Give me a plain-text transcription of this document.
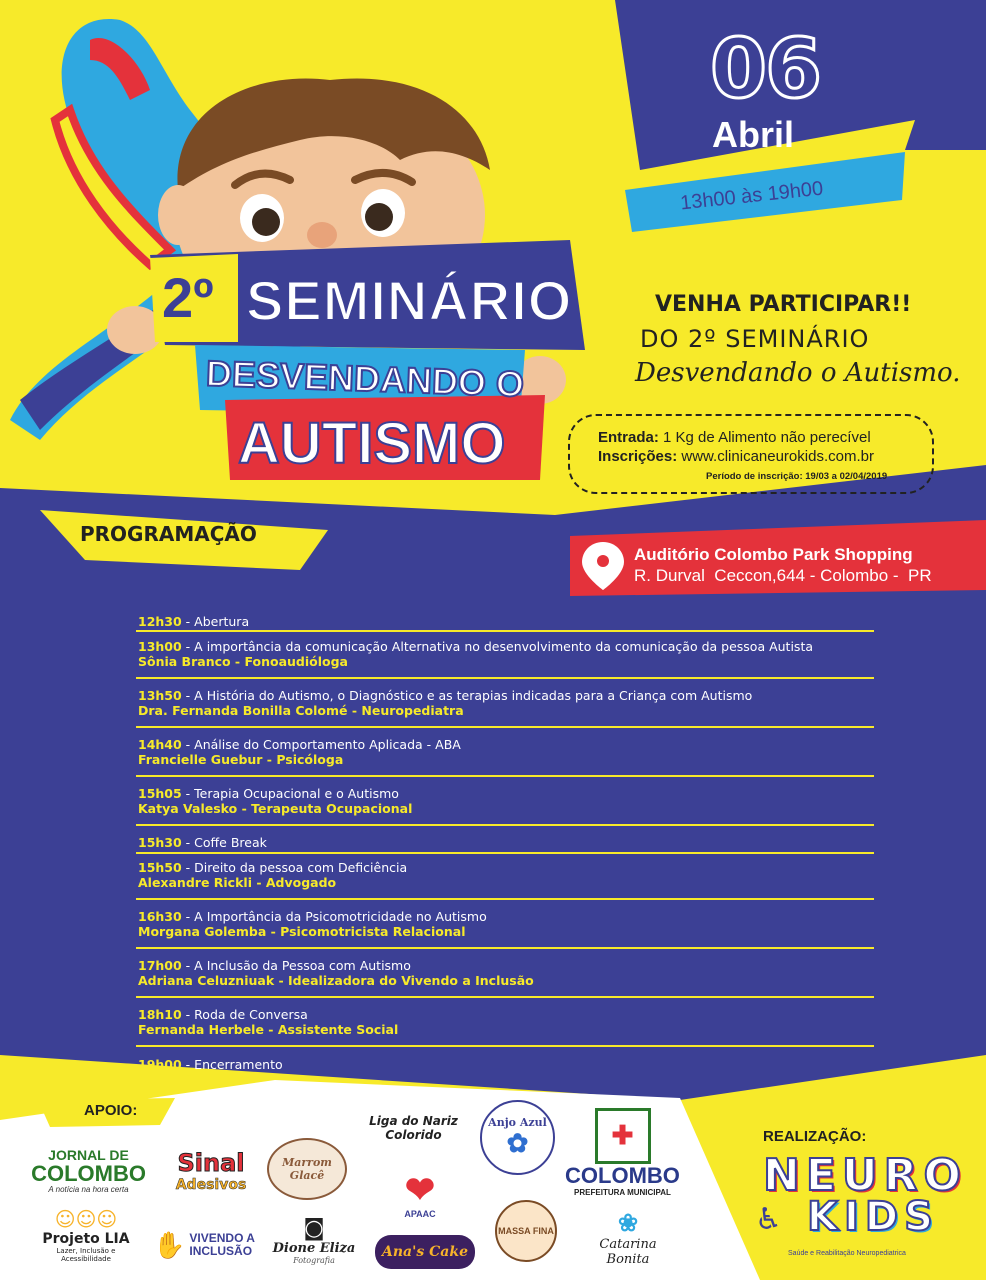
06
Abril
13h00 às 19h00
2º SEMINÁRIO
DESVENDANDO O
AUTISMO
VENHA PARTICIPAR!!
DO 2º SEMINÁRIO
Desvendando o Autismo.
Entrada: 1 Kg de Alimento não perecível
Inscrições: www.clinicaneurokids.com.br
Período de inscrição: 19/03 a 02/04/2019
PROGRAMAÇÃO
Auditório Colombo Park Shopping
R. Durval  Ceccon,644 - Colombo -  PR
12h30 - Abertura
13h00 - A importância da comunicação Alternativa no desenvolvimento da comunicação da pessoa Autista
Sônia Branco - Fonoaudióloga
13h50 - A História do Autismo, o Diagnóstico e as terapias indicadas para a Criança com Autismo
Dra. Fernanda Bonilla Colomé - Neuropediatra
14h40 - Análise do Comportamento Aplicada - ABA
Francielle Guebur - Psicóloga
15h05 - Terapia Ocupacional e o Autismo
Katya Valesko - Terapeuta Ocupacional
15h30 - Coffe Break
15h50 - Direito da pessoa com Deficiência
Alexandre Rickli - Advogado
16h30 - A Importância da Psicomotricidade no Autismo
Morgana Golemba - Psicomotricista Relacional
17h00 - A Inclusão da Pessoa com Autismo
Adriana Celuzniuak - Idealizadora do Vivendo a Inclusão
18h10 - Roda de Conversa
Fernanda Herbele - Assistente Social
19h00 - Encerramento
APOIO:
JORNAL DE
COLOMBO
A notícia na hora certa
Sinal
Adesivos
Marrom Glacê
Liga do Nariz Colorido
Anjo Azul
✿	✚
COLOMBO
PREFEITURA MUNICIPAL
☺☺☺
Projeto LIA
Lazer, Inclusão e Acessibilidade	✋ VIVENDO A
INCLUSÃO
◙
Dione Eliza
Fotografia
❤
APAAC
Ana's Cake
MASSA FINA	❀
Catarina Bonita
REALIZAÇÃO:
NEURO
KIDS
♿
Saúde e Reabilitação Neuropediatrica
